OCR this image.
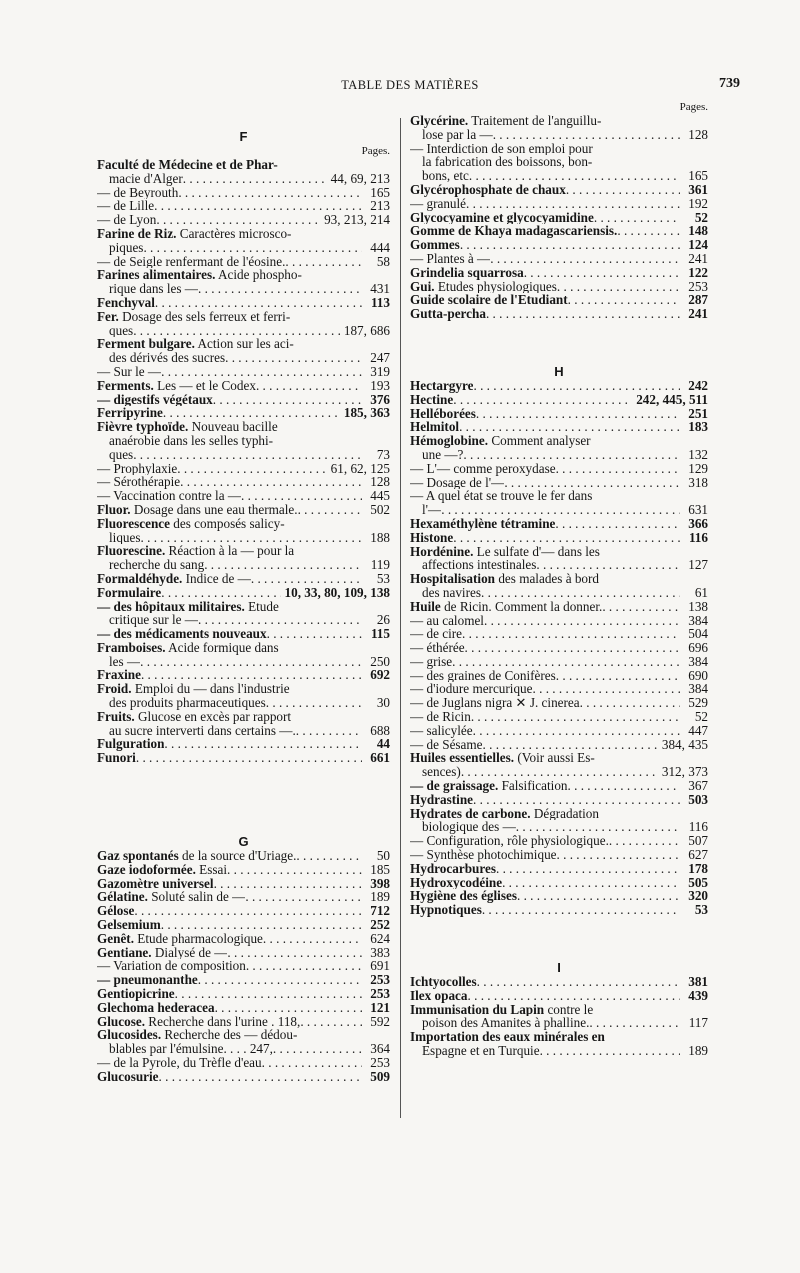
TABLE DES MATIÈRES	739
F
Pages.
Faculté de Médecine et de Phar-
macie d'Alger . . .	44, 69, 213
— de Beyrouth . . .	165
— de Lille . . .	213
— de Lyon . . .	93, 213, 214
Farine de Riz. Caractères microsco-
piques . . .	444
— de Seigle renfermant de l'éosine. . . .	58
Farines alimentaires. Acide phospho-
rique dans les — . . .	431
Fenchyval . . .	113
Fer. Dosage des sels ferreux et ferri-
ques . . .	187, 686
Ferment bulgare. Action sur les aci-
des dérivés des sucres . . .	247
— Sur le — . . .	319
Ferments. Les — et le Codex . . .	193
— digestifs végétaux . . .	376
Ferripyrine . . .	185, 363
Fièvre typhoïde. Nouveau bacille
anaérobie dans les selles typhi-
ques . . .	73
— Prophylaxie . . .	61, 62, 125
— Sérothérapie . . .	128
— Vaccination contre la — . . .	445
Fluor. Dosage dans une eau thermale. . . .	502
Fluorescence des composés salicy-
liques . . .	188
Fluorescine. Réaction à la — pour la
recherche du sang . . .	119
Formaldéhyde. Indice de — . . .	53
Formulaire . . .	10, 33, 80, 109, 138
— des hôpitaux militaires. Etude
critique sur le — . . .	26
— des médicaments nouveaux . . .	115
Framboises. Acide formique dans
les — . . .	250
Fraxine . . .	692
Froid. Emploi du — dans l'industrie
des produits pharmaceutiques . . .	30
Fruits. Glucose en excès par rapport
au sucre interverti dans certains —. . . .	688
Fulguration . . .	44
Funori . . .	661
G
Gaz spontanés de la source d'Uriage. . . .	50
Gaze iodoformée. Essai . . .	185
Gazomètre universel . . .	398
Gélatine. Soluté salin de — . . .	189
Gélose . . .	712
Gelsemium . . .	252
Genêt. Etude pharmacologique . . .	624
Gentiane. Dialysé de — . . .	383
— Variation de composition . . .	691
— pneumonanthe . . .	253
Gentiopicrine . . .	253
Glechoma hederacea . . .	121
Glucose. Recherche dans l'urine . 118, . . .	592
Glucosides. Recherche des — dédou-
blables par l'émulsine. . . . 247, . . .	364
— de la Pyrole, du Trèfle d'eau . . .	253
Glucosurie . . .	509
Pages.
Glycérine. Traitement de l'anguillu-
lose par la — . . .	128
— Interdiction de son emploi pour
la fabrication des boissons, bon-
bons, etc . . .	165
Glycérophosphate de chaux . . .	361
— granulé . . .	192
Glycocyamine et glycocyamidine . . .	52
Gomme de Khaya madagascariensis. . . .	148
Gommes . . .	124
— Plantes à — . . .	241
Grindelia squarrosa . . .	122
Gui. Etudes physiologiques . . .	253
Guide scolaire de l'Etudiant . . .	287
Gutta-percha . . .	241
H
Hectargyre . . .	242
Hectine . . .	242, 445, 511
Helléborées . . .	251
Helmitol . . .	183
Hémoglobine. Comment analyser
une —? . . .	132
— L'— comme peroxydase . . .	129
— Dosage de l'— . . .	318
— A quel état se trouve le fer dans
l'— . . .	631
Hexaméthylène tétramine . . .	366
Histone . . .	116
Hordénine. Le sulfate d'— dans les
affections intestinales . . .	127
Hospitalisation des malades à bord
des navires . . .	61
Huile de Ricin. Comment la donner. . . .	138
— au calomel . . .	384
— de cire . . .	504
— éthérée . . .	696
— grise . . .	384
— des graines de Conifères . . .	690
— d'iodure mercurique . . .	384
— de Juglans nigra ✕ J. cinerea . . .	529
— de Ricin . . .	52
— salicylée . . .	447
— de Sésame . . .	384, 435
Huiles essentielles. (Voir aussi Es-
sences) . . .	312, 373
— de graissage. Falsification . . .	367
Hydrastine . . .	503
Hydrates de carbone. Dégradation
biologique des — . . .	116
— Configuration, rôle physiologique. . . .	507
— Synthèse photochimique . . .	627
Hydrocarbures . . .	178
Hydroxycodéine . . .	505
Hygiène des églises . . .	320
Hypnotiques . . .	53
I
Ichtyocolles . . .	381
Ilex opaca . . .	439
Immunisation du Lapin contre le
poison des Amanites à phalline. . . .	117
Importation des eaux minérales en
Espagne et en Turquie . . .	189
